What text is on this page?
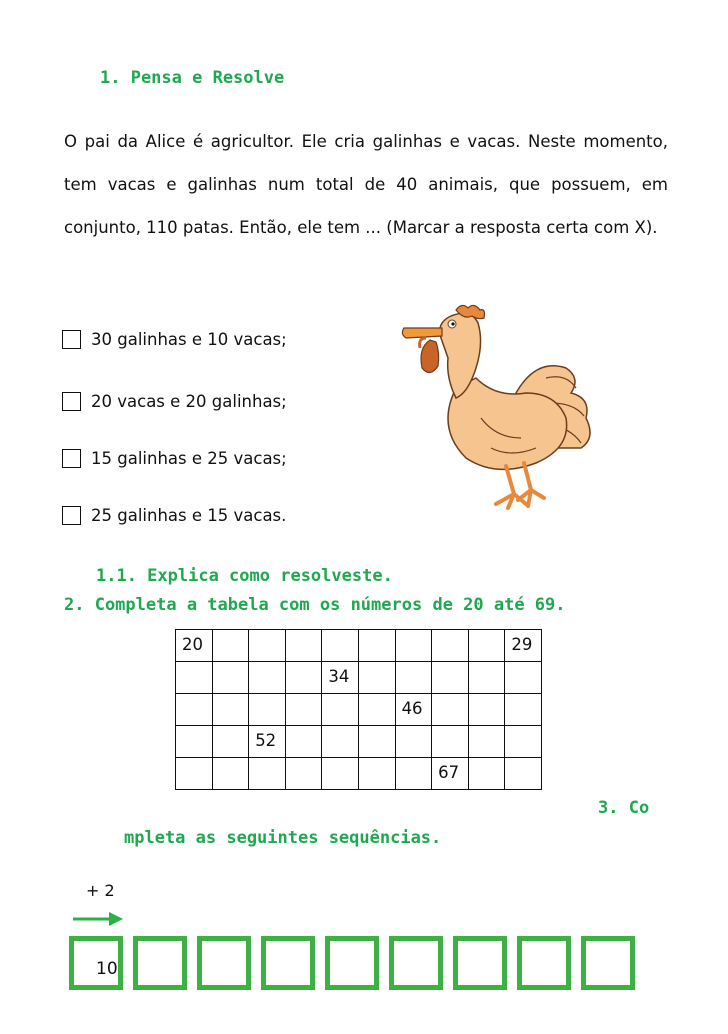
1. Pensa e Resolve
O pai da Alice é agricultor. Ele cria galinhas e vacas. Neste momento, tem vacas e galinhas num total de 40 animais, que possuem, em conjunto, 110 patas. Então, ele tem ... (Marcar a resposta certa com X).
30 galinhas e 10 vacas;
20 vacas e 20 galinhas;
15 galinhas e 25 vacas;
25 galinhas e 15 vacas.
1.1. Explica como resolveste.
2. Completa a tabela com os números de 20 até 69.
20									29
				34					
						46			
		52							
							67		
3. Co
mpleta as seguintes sequências.
+ 2
10
